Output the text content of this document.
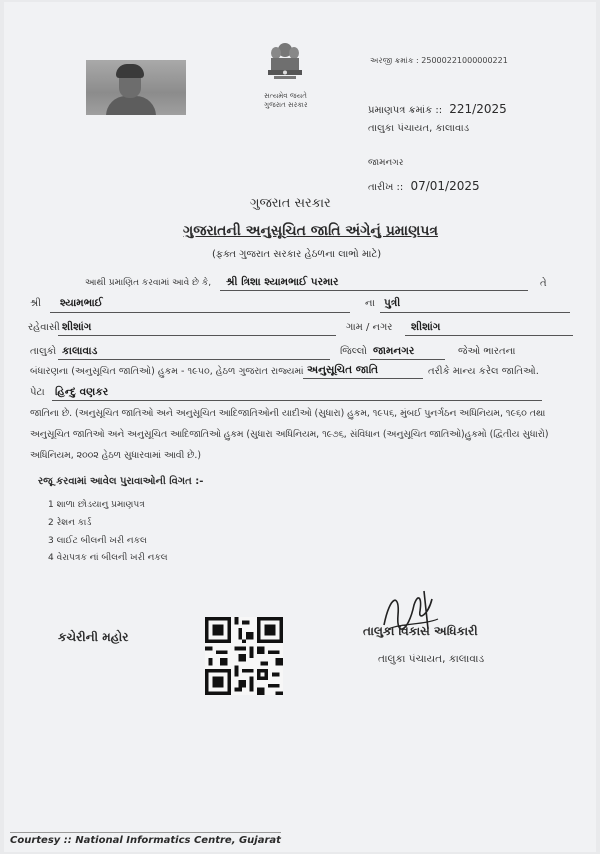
સત્યમેવ જયતે
ગુજરાત સરકાર
અરજી ક્રમાંક : 25000221000000221
પ્રમાણપત્ર ક્રમાંક :: 221/2025
તાલુકા પંચાયત, કાલાવાડ
જામનગર
તારીખ :: 07/01/2025
ગુજરાત સરકાર
ગુજરાતની અનુસૂચિત જાતિ અંગેનું પ્રમાણપત્ર
(ફક્ત ગુજરાત સરકાર હેઠળના લાભો માટે)
આથી પ્રમાણિત કરવામાં આવે છે કે, શ્રી ત્રિશા શ્યામભાઈ પરમાર	તે
શ્રી શ્યામભાઈ	ના પુત્રી
રહેવાસી શીશાંગ	ગામ / નગર શીશાંગ
તાલુકો કાલાવાડ	જિલ્લો જામનગર	જેઓ ભારતના
બંધારણના (અનુસૂચિત જાતિઓ) હુકમ - ૧૯૫૦, હેઠળ ગુજરાત રાજ્યમાં અનુસૂચિત જાતિ	તરીકે માન્ય કરેલ જાતિઓ.
પેટા હિન્દુ વણકર
જાતિના છે. (અનુસૂચિત જાતિઓ અને અનુસૂચિત આદિજાતિઓની યાદીઓ (સુધારા) હુકમ, ૧૯૫૬, મુંબઈ પુનર્ગઠન અધિનિયમ, ૧૯૬૦ તથા
અનુસૂચિત જાતિઓ અને અનુસૂચિત આદિજાતિઓ હુકમ (સુધારા અધિનિયમ, ૧૯૭૬, સંવિધાન (અનુસૂચિત જાતિઓ)હુકમો (દ્વિતીય સુધારો)
અધિનિયમ, ૨૦૦૨ હેઠળ સુધારવામાં આવી છે.)
રજૂ કરવામાં આવેલ પુરાવાઓની વિગત :-
1 શાળા છોડયાનુ પ્રમાણપત્ર
2 રેશન કાર્ડ
3 લાઈટ બીલની ખરી નકલ
4 વેરાપત્રક નાં બીલની ખરી નકલ
કચેરીની મહોર	તાલુકા વિકાસ અધિકારી
તાલુકા પંચાયત, કાલાવાડ
Courtesy :: National Informatics Centre, Gujarat
